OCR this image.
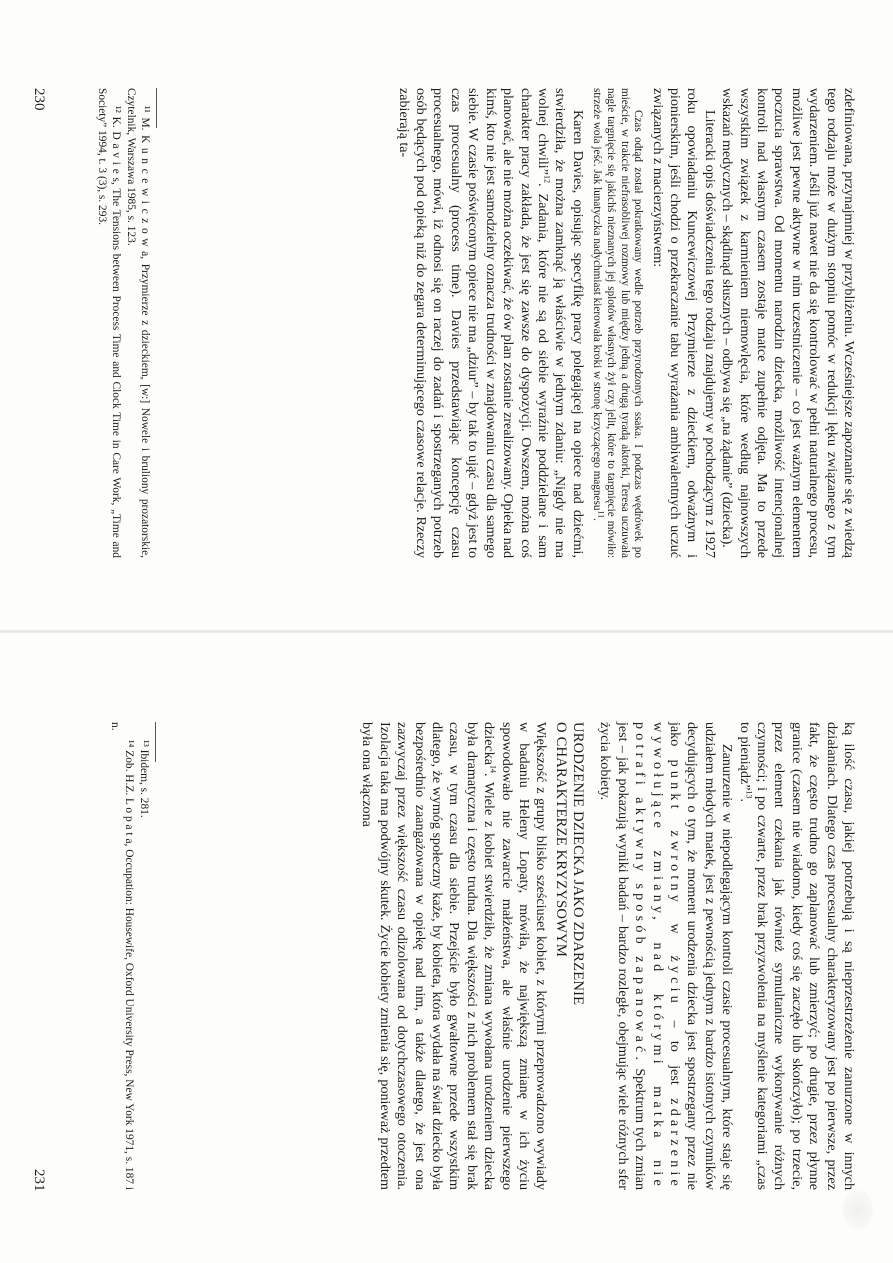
zdefiniowana, przynajmniej w przybliżeniu. Wcześniejsze zapoznanie się z wiedzą tego rodzaju może w dużym stopniu pomóc w redukcji lęku związanego z tym wydarzeniem. Jeśli już nawet nie da się kontrolować w pełni naturalnego procesu, możliwe jest pewne aktywne w nim uczestniczenie – co jest ważnym elementem poczucia sprawstwa. Od momentu narodzin dziecka, możliwość intencjonalnej kontroli nad własnym czasem zostaje matce zupełnie odjęta. Ma to przede wszystkim związek z karmieniem niemowlęcia, które według najnowszych wskazań medycznych – skądinąd słusznych – odbywa się „na żądanie” (dziecka).

Literacki opis doświadczenia tego rodzaju znajdujemy w pochodzącym z 1927 roku opowiadaniu Kuncewiczowej Przymierze z dzieckiem, odważnym i pionierskim, jeśli chodzi o przekraczanie tabu wyrażania ambiwalentnych uczuć związanych z macierzyństwem:

Czas odtąd został pokratkowany wedle potrzeb przyrodzonych ssaka. I podczas wędrówek po mieście, w trakcie niefrasobliwej rozmowy lub między jedną a drugą tyradą aktorki, Teresa uczuwała nagle targnięcie się jakichś nieznanych jej splotów własnych żył czy jelit, które to targnięcie mówiło: strzeże wola jeść. Jak lunatyczka nadychmiast kierowała kroki w stronę krzyczącego magnesu$^{11}$.

Karen Davies, opisując specyfikę pracy polegającej na opiece nad dziećmi, stwierdziła, że można zamknąć ją właściwie w jednym zdaniu: „Nigdy nie ma wolnej chwili”$^{12}$. Zadania, które nie są od siebie wyraźnie poddzielane i sam charakter pracy zakłada, że jest się zawsze do dyspozycji. Owszem, można coś planować, ale nie można oczekiwać, że ów plan zostanie zrealizowany. Opieka nad kimś, kto nie jest samodzielny oznacza trudności w znajdowaniu czasu dla samego siebie. W czasie poświęconym opiece nie ma „dziur” – by tak to ująć – gdyż jest to czas procesualny (process time). Davies przedstawiając koncepcję czasu procesualnego, mówi, iż odnosi się on raczej do zadań i spostrzeganych potrzeb osób będących pod opieką niż do zegara determinującego czasowe relacje. Rzeczy zabierają ta-

¹¹ M. K u n c e w i c z o w a, Przymierze z dzieckiem, [w:] Nowele i bruliony prozatorskie, Czytelnik, Warszawa 1985, s. 123.

¹² K. D a v i e s, The Tensions between Process Time and Clock Time in Care Work, „Time and Society” 1994, t. 3 (3), s. 293.

230

ką ilość czasu, jakiej potrzebują i są nieprzestrzeżenie zanurzone w innych działaniach. Dlatego czas procesualny charakteryzowany jest po pierwsze, przez fakt, że często trudno go zaplanować lub zmierzyć; po drugie, przez płynne granice (czasem nie wiadomo, kiedy coś się zaczęło lub skończyło); po trzecie, przez element czekania jak również symultaniczne wykonywanie różnych czynności; i po czwarte, przez brak przyzwolenia na myślenie kategoriami „czas to pieniądz”$^{13}$.

Zanurzenie w niepodlegającym kontroli czasie procesualnym, które staje się udziałem młodych matek, jest z pewnością jednym z bardzo istotnych czynników decydujących o tym, że moment urodzenia dziecka jest spostrzegany przez nie jako punkt zwrotny w życiu – to jest zdarzenie wywołujące zmiany, nad którymi matka nie potrafi aktywny sposób zapanować. Spektrum tych zmian jest – jak pokazują wyniki badań – bardzo rozległe, obejmując wiele różnych sfer życia kobiety.

URODZENIE DZIECKA JAKO ZDARZENIE
O CHARAKTERZE KRYZYSOWYM

Większość z grupy blisko sześciuset kobiet, z którymi przeprowadzono wywiady w badaniu Heleny Lopaty, mówiła, że największą zmianę w ich życiu spowodowało nie zawarcie małżeństwa, ale właśnie urodzenie pierwszego dziecka$^{14}$. Wiele z kobiet stwierdziło, że zmiana wywołana urodzeniem dziecka była dramatyczna i często trudna. Dla większości z nich problemem stał się brak czasu, w tym czasu dla siebie. Przejście było gwałtowne przede wszystkim dlatego, że wymóg społeczny każe, by kobieta, która wydała na świat dziecko była bezpośrednio zaangażowana w opiekę nad nim, a także dlatego, że jest ona zazwyczaj przez większość czasu odizolowana od dotychczasowego otoczenia. Izolacja taka ma podwójny skutek. Życie kobiety zmienia się, ponieważ przedtem była ona włączona

¹³ Ibidem, s. 281.

¹⁴ Zob. H.Z. L o p a t a, Occupation: Housewife, Oxford University Press, New York 1971, s. 187 i n.

231
